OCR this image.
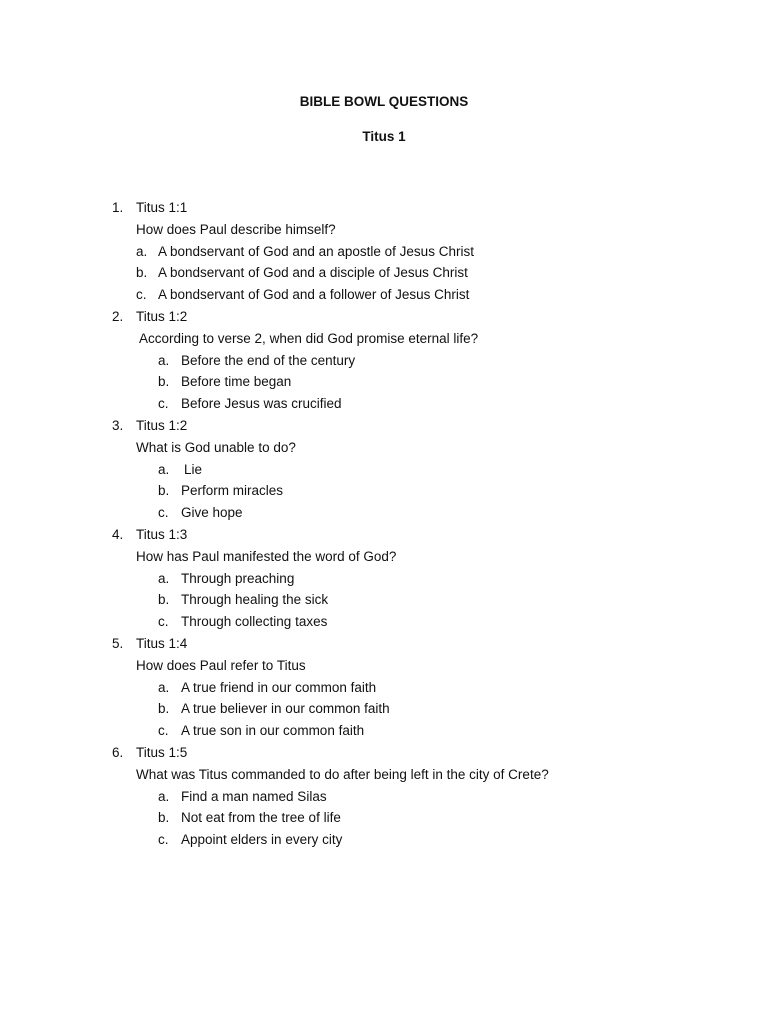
BIBLE BOWL QUESTIONS
Titus 1
1. Titus 1:1
How does Paul describe himself?
a. A bondservant of God and an apostle of Jesus Christ
b. A bondservant of God and a disciple of Jesus Christ
c. A bondservant of God and a follower of Jesus Christ
2. Titus 1:2
According to verse 2, when did God promise eternal life?
a. Before the end of the century
b. Before time began
c. Before Jesus was crucified
3. Titus 1:2
What is God unable to do?
a. Lie
b. Perform miracles
c. Give hope
4. Titus 1:3
How has Paul manifested the word of God?
a. Through preaching
b. Through healing the sick
c. Through collecting taxes
5. Titus 1:4
How does Paul refer to Titus
a. A true friend in our common faith
b. A true believer in our common faith
c. A true son in our common faith
6. Titus 1:5
What was Titus commanded to do after being left in the city of Crete?
a. Find a man named Silas
b. Not eat from the tree of life
c. Appoint elders in every city
